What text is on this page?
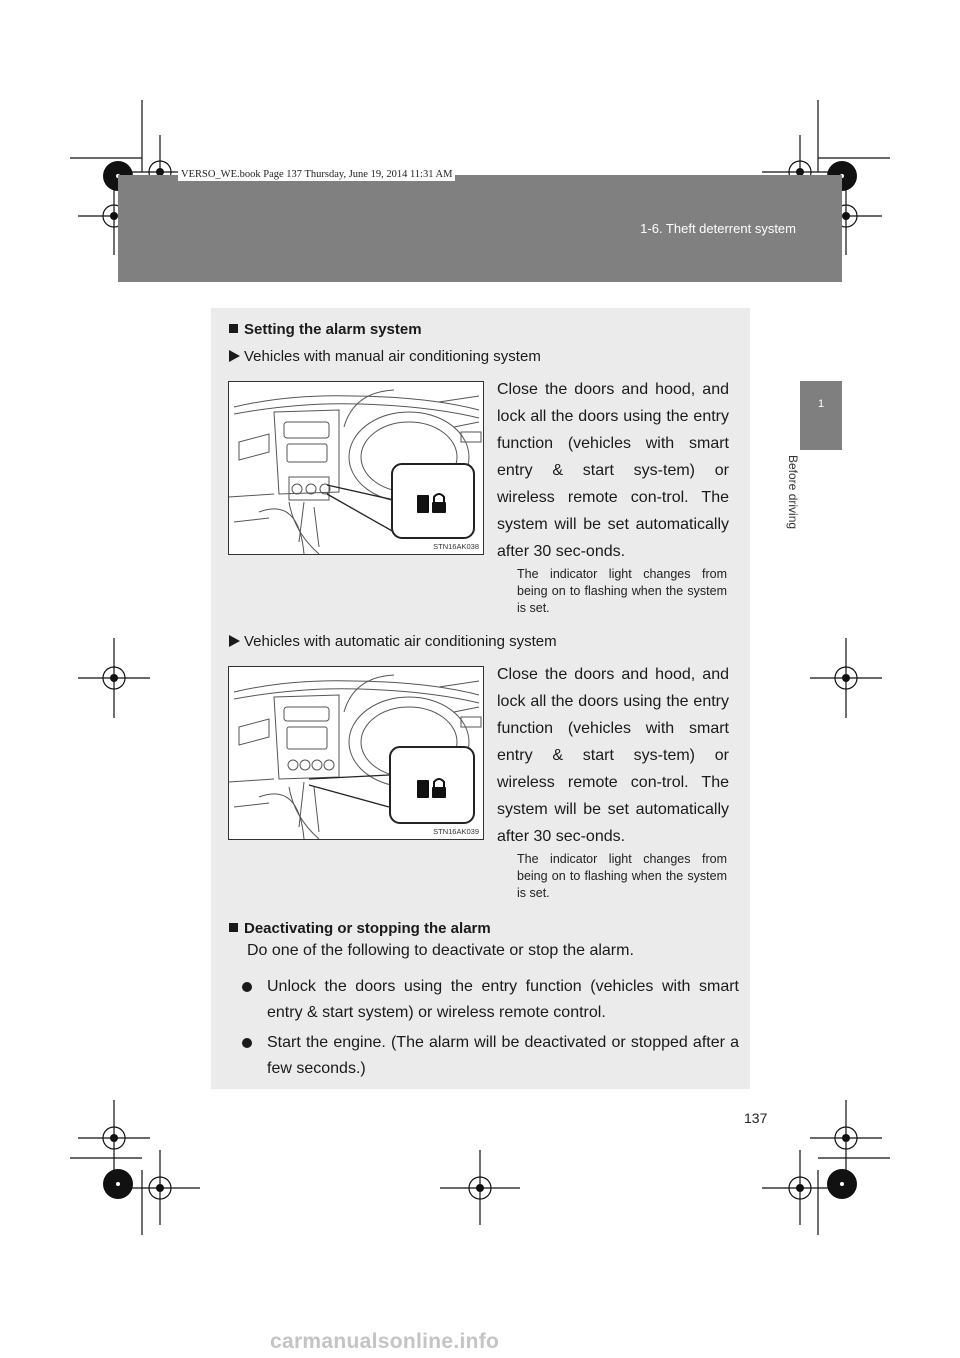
VERSO_WE.book Page 137 Thursday, June 19, 2014 11:31 AM
1-6. Theft deterrent system
1
Before driving
Setting the alarm system
Vehicles with manual air conditioning system
STN16AK038
Close the doors and hood, and lock all the doors using the entry function (vehicles with smart entry & start sys-tem) or wireless remote con-trol. The system will be set automatically after 30 sec-onds.
The indicator light changes from being on to flashing when the system is set.
Vehicles with automatic air conditioning system
STN16AK039
Close the doors and hood, and lock all the doors using the entry function (vehicles with smart entry & start sys-tem) or wireless remote con-trol. The system will be set automatically after 30 sec-onds.
The indicator light changes from being on to flashing when the system is set.
Deactivating or stopping the alarm
Do one of the following to deactivate or stop the alarm.
Unlock the doors using the entry function (vehicles with smart entry & start system) or wireless remote control.
Start the engine. (The alarm will be deactivated or stopped after a few seconds.)
137
carmanualsonline.info
